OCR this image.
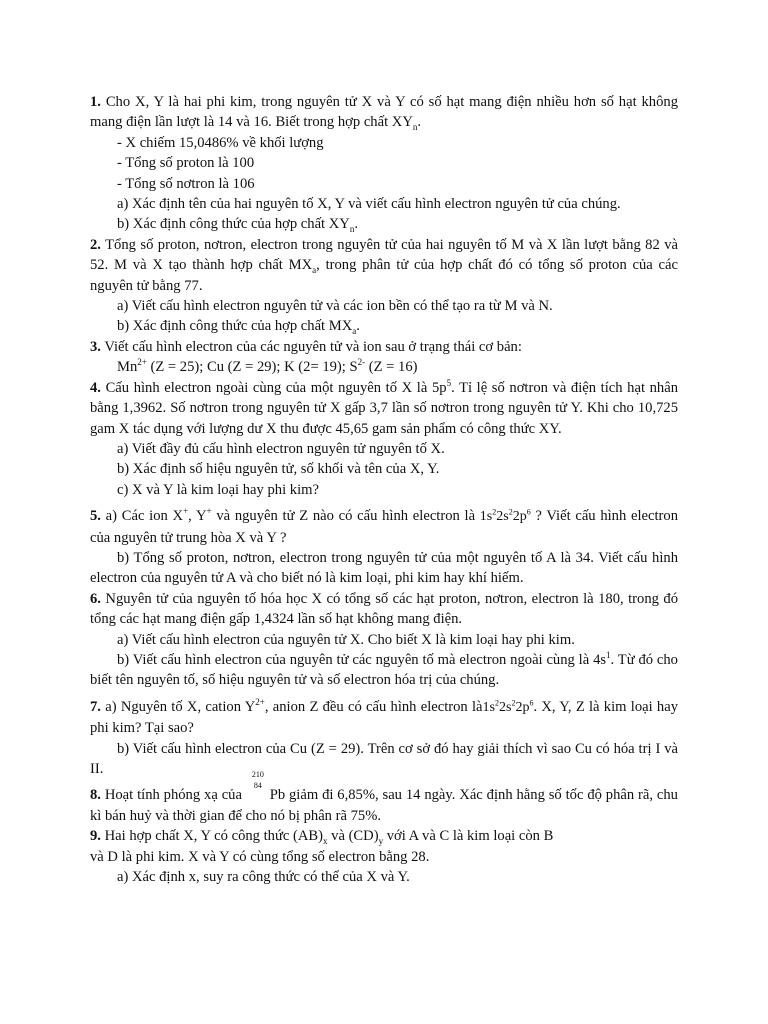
1. Cho X, Y là hai phi kim, trong nguyên tử X và Y có số hạt mang điện nhiều hơn số hạt không mang điện lần lượt là 14 và 16. Biết trong hợp chất $XY_n$.

- X chiếm 15,0486% về khối lượng

- Tổng số proton là 100

- Tổng số nơtron là 106

a) Xác định tên của hai nguyên tố X, Y và viết cấu hình electron nguyên tử của chúng.

b) Xác định công thức của hợp chất $XY_n$.

2. Tổng số proton, nơtron, electron trong nguyên tử của hai nguyên tố M và X lần lượt bằng 82 và 52. M và X tạo thành hợp chất $MX_a$, trong phân tử của hợp chất đó có tổng số proton của các nguyên tử bằng 77.

a) Viết cấu hình electron nguyên tử và các ion bền có thể tạo ra từ M và N.

b) Xác định công thức của hợp chất $MX_a$.

3. Viết cấu hình electron của các nguyên tử và ion sau ở trạng thái cơ bản:

$Mn^{2+}$ (Z = 25); Cu (Z = 29); K (2= 19); $S^{2-}$ (Z = 16)

4. Cấu hình electron ngoài cùng của một nguyên tố X là $5p^5$. Tỉ lệ số nơtron và điện tích hạt nhân bằng 1,3962. Số nơtron trong nguyên tử X gấp 3,7 lần số nơtron trong nguyên tử Y. Khi cho 10,725 gam X tác dụng với lượng dư X thu được 45,65 gam sản phẩm có công thức XY.

a) Viết đầy đủ cấu hình electron nguyên tử nguyên tố X.

b) Xác định số hiệu nguyên tử, số khối và tên của X, Y.

c) X và Y là kim loại hay phi kim?

5. a) Các ion X+, Y+ và nguyên tử Z nào có cấu hình electron là $1s^22s^22p^6$ ? Viết cấu hình electron của nguyên tử trung hòa X và Y ?

b) Tổng số proton, nơtron, electron trong nguyên tử của một nguyên tố A là 34. Viết cấu hình electron của nguyên tử A và cho biết nó là kim loại, phi kim hay khí hiếm.

6. Nguyên tử của nguyên tố hóa học X có tổng số các hạt proton, nơtron, electron là 180, trong đó tổng các hạt mang điện gấp 1,4324 lần số hạt không mang điện.

a) Viết cấu hình electron của nguyên tử X. Cho biết X là kim loại hay phi kim.

b) Viết cấu hình electron của nguyên tử các nguyên tố mà electron ngoài cùng là $4s^1$. Từ đó cho biết tên nguyên tố, số hiệu nguyên tử và số electron hóa trị của chúng.

7. a) Nguyên tố X, cation $Y^{2+}$, anion Z đều có cấu hình electron $là1s^22s^22p^6$. X, Y, Z là kim loại hay phi kim? Tại sao?

b) Viết cấu hình electron của Cu (Z = 29). Trên cơ sở đó hay giải thích vì sao Cu có hóa trị I và II.

8. Hoạt tính phóng xạ của
210
84
Pb giảm đi 6,85%, sau 14 ngày. Xác định hằng số tốc độ phân rã, chu kì bán huỷ và thời gian để cho nó bị phân rã 75%.

9. Hai hợp chất X, Y có công thức $(AB)_x$ và $(CD)_y$ với A và C là kim loại còn B

và D là phi kim. X và Y có cùng tổng số electron bằng 28.

a) Xác định x, suy ra công thức có thể của X và Y.
